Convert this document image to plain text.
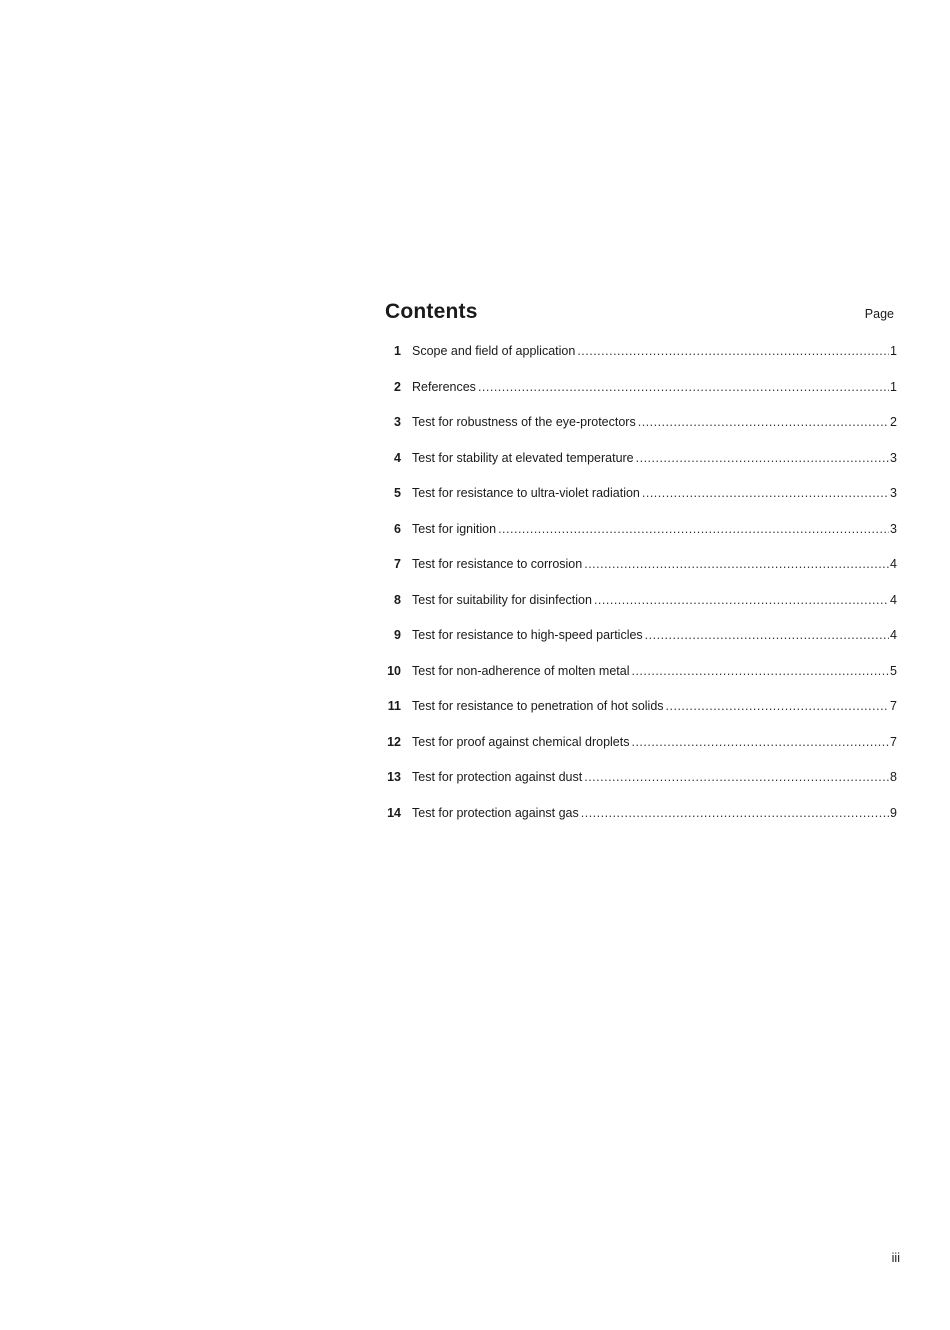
Contents	Page
1 Scope and field of application .....	1
2 References .....	1
3 Test for robustness of the eye-protectors .....	2
4 Test for stability at elevated temperature .....	3
5 Test for resistance to ultra-violet radiation .....	3
6 Test for ignition .....	3
7 Test for resistance to corrosion .....	4
8 Test for suitability for disinfection .....	4
9 Test for resistance to high-speed particles .....	4
10 Test for non-adherence of molten metal .....	5
11 Test for resistance to penetration of hot solids .....	7
12 Test for proof against chemical droplets .....	7
13 Test for protection against dust .....	8
14 Test for protection against gas .....	9
iii
